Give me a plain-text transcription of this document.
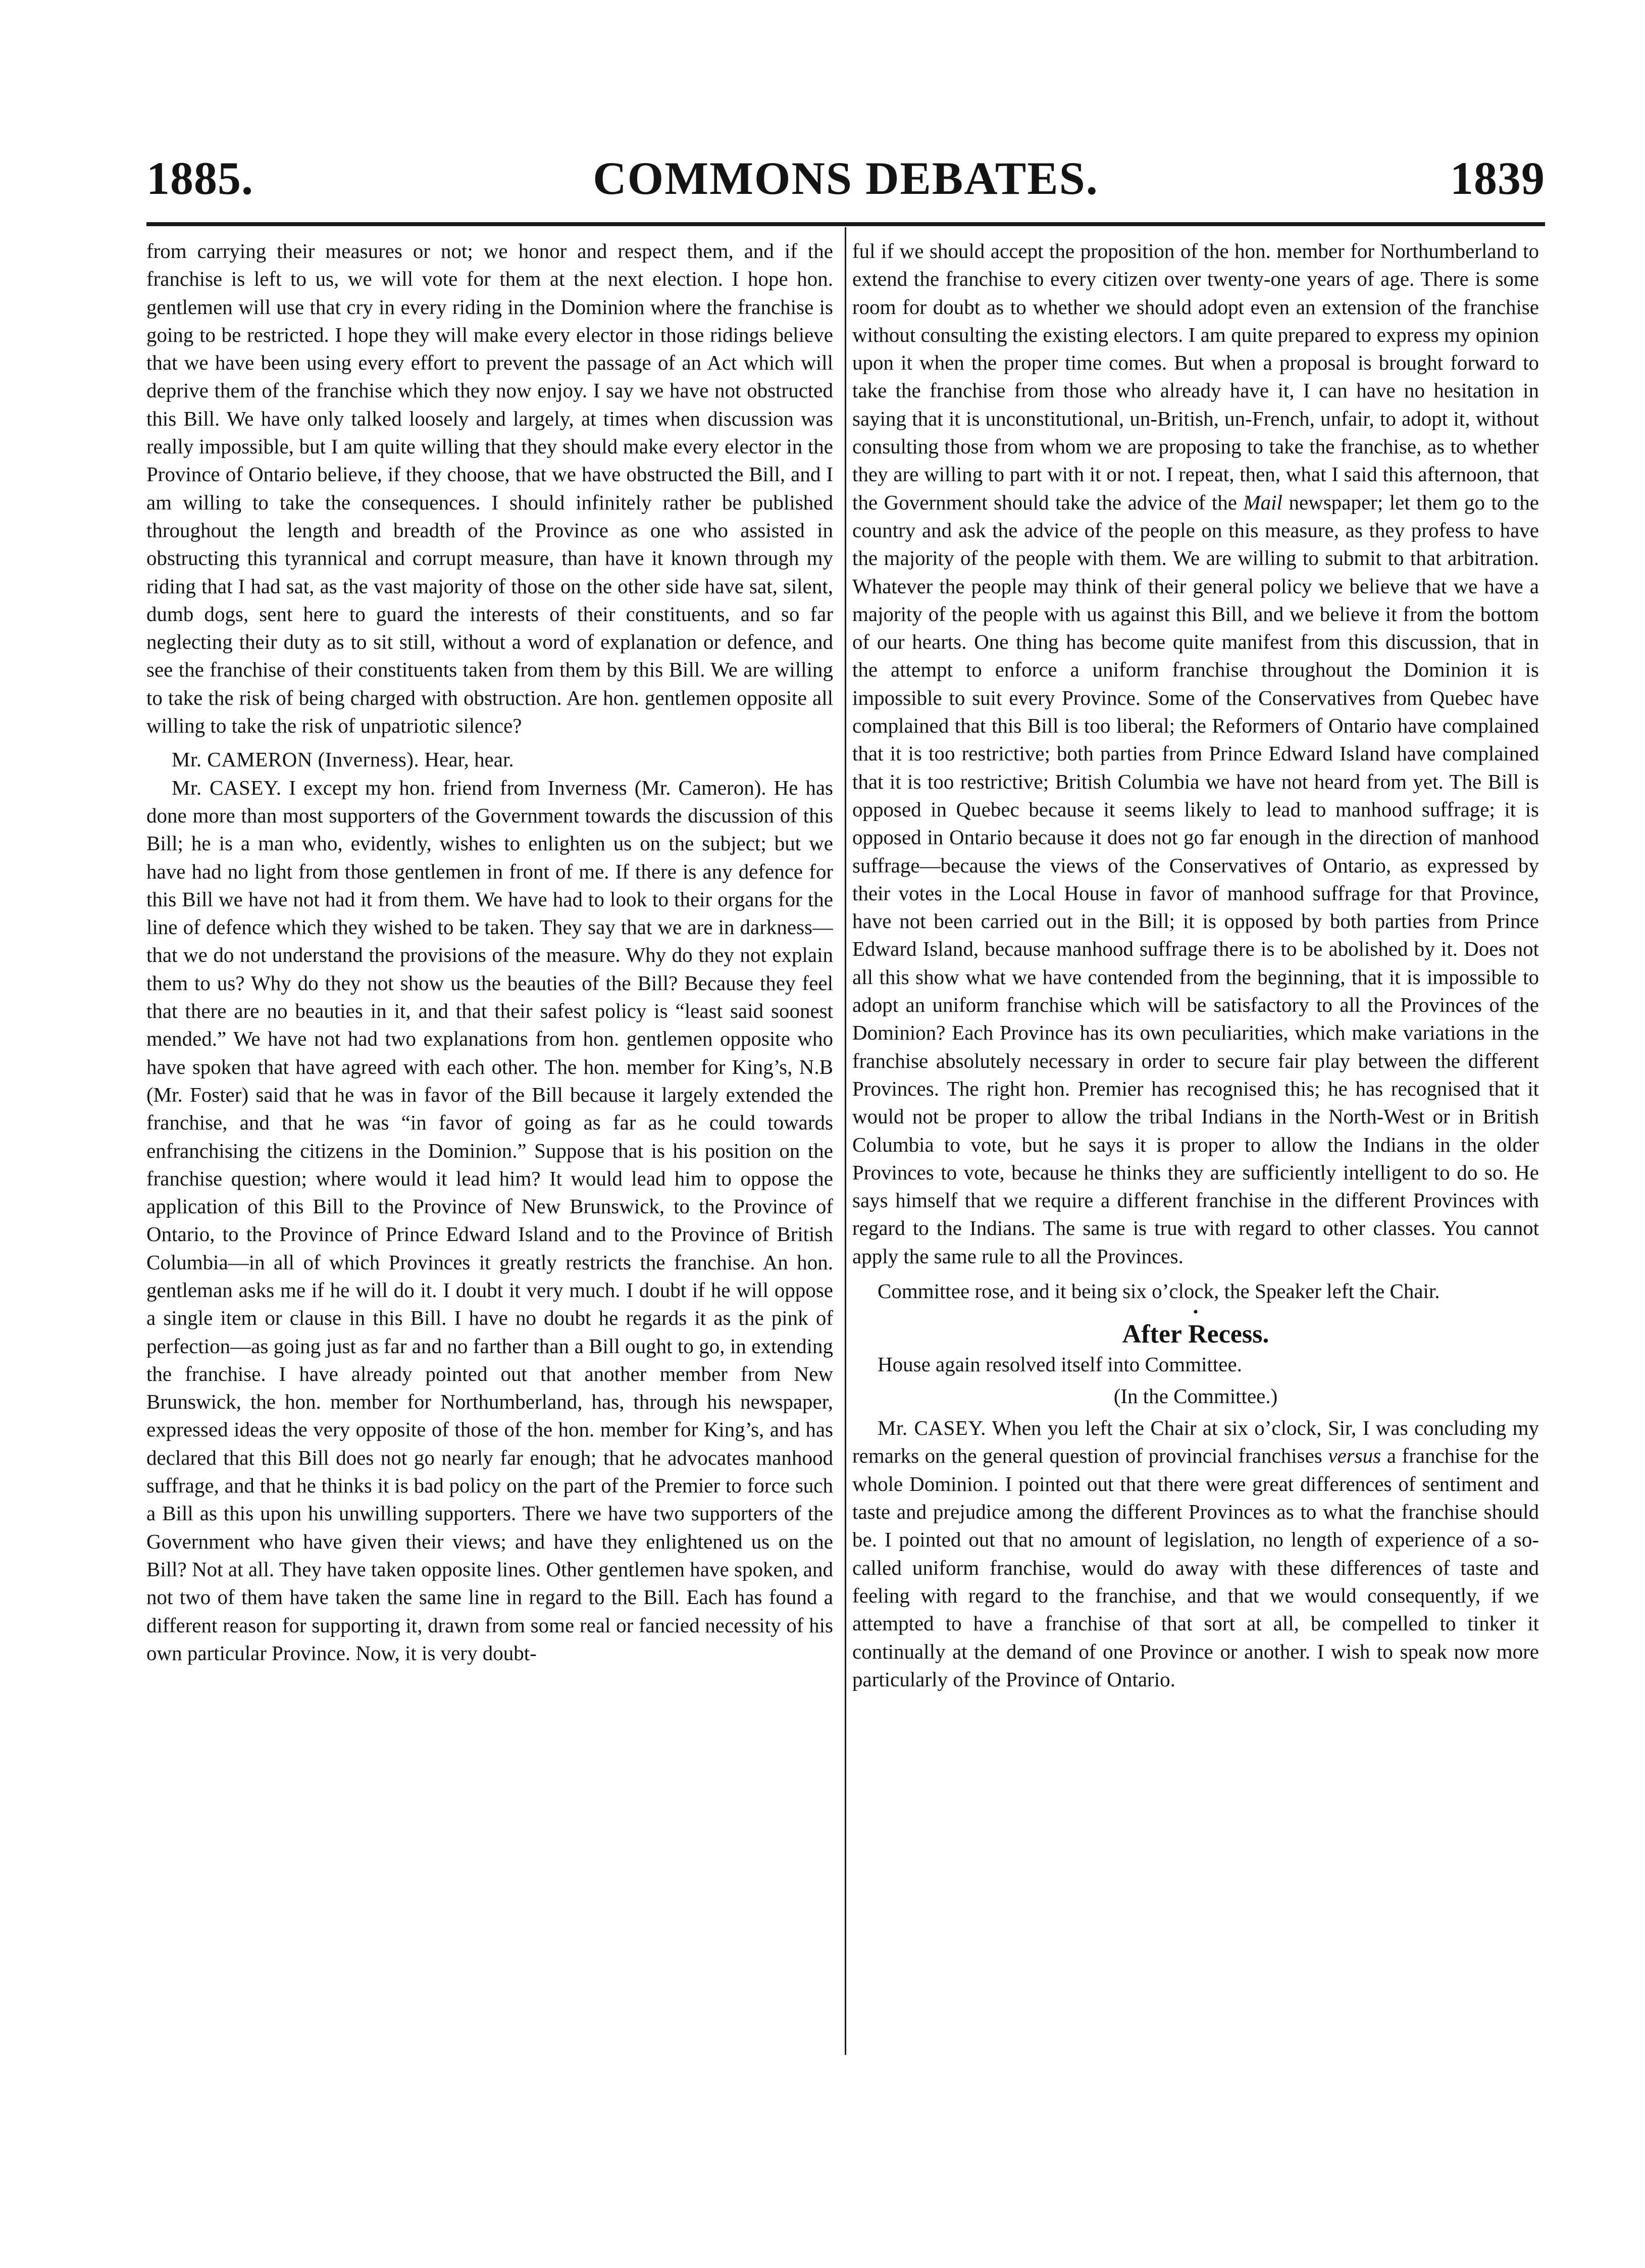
COMMONS DEBATES.
1885.	1839

from carrying their measures or not; we honor and respect them, and if the franchise is left to us, we will vote for them at the next election. I hope hon. gentlemen will use that cry in every riding in the Dominion where the franchise is going to be restricted. I hope they will make every elector in those ridings believe that we have been using every effort to prevent the passage of an Act which will deprive them of the franchise which they now enjoy. I say we have not obstructed this Bill. We have only talked loosely and largely, at times when discussion was really impossible, but I am quite willing that they should make every elector in the Province of Ontario believe, if they choose, that we have obstructed the Bill, and I am willing to take the consequences. I should infinitely rather be published throughout the length and breadth of the Province as one who assisted in obstructing this tyrannical and corrupt measure, than have it known through my riding that I had sat, as the vast majority of those on the other side have sat, silent, dumb dogs, sent here to guard the interests of their constituents, and so far neglecting their duty as to sit still, without a word of explanation or defence, and see the franchise of their constituents taken from them by this Bill. We are willing to take the risk of being charged with obstruction. Are hon. gentlemen opposite all willing to take the risk of unpatriotic silence?

Mr. CAMERON (Inverness). Hear, hear.

Mr. CASEY. I except my hon. friend from Inverness (Mr. Cameron). He has done more than most supporters of the Government towards the discussion of this Bill; he is a man who, evidently, wishes to enlighten us on the subject; but we have had no light from those gentlemen in front of me. If there is any defence for this Bill we have not had it from them. We have had to look to their organs for the line of defence which they wished to be taken. They say that we are in darkness—that we do not understand the provisions of the measure. Why do they not explain them to us? Why do they not show us the beauties of the Bill? Because they feel that there are no beauties in it, and that their safest policy is “least said soonest mended.” We have not had two explanations from hon. gentlemen opposite who have spoken that have agreed with each other. The hon. member for King’s, N.B (Mr. Foster) said that he was in favor of the Bill because it largely extended the franchise, and that he was “in favor of going as far as he could towards enfranchising the citizens in the Dominion.” Suppose that is his position on the franchise question; where would it lead him? It would lead him to oppose the application of this Bill to the Province of New Brunswick, to the Province of Ontario, to the Province of Prince Edward Island and to the Province of British Columbia—in all of which Provinces it greatly restricts the franchise. An hon. gentleman asks me if he will do it. I doubt it very much. I doubt if he will oppose a single item or clause in this Bill. I have no doubt he regards it as the pink of perfection—as going just as far and no farther than a Bill ought to go, in extending the franchise. I have already pointed out that another member from New Brunswick, the hon. member for Northumberland, has, through his newspaper, expressed ideas the very opposite of those of the hon. member for King’s, and has declared that this Bill does not go nearly far enough; that he advocates manhood suffrage, and that he thinks it is bad policy on the part of the Premier to force such a Bill as this upon his unwilling supporters. There we have two supporters of the Government who have given their views; and have they enlightened us on the Bill? Not at all. They have taken opposite lines. Other gentlemen have spoken, and not two of them have taken the same line in regard to the Bill. Each has found a different reason for supporting it, drawn from some real or fancied necessity of his own particular Province. Now, it is very doubt-

ful if we should accept the proposition of the hon. member for Northumberland to extend the franchise to every citizen over twenty-one years of age. There is some room for doubt as to whether we should adopt even an extension of the franchise without consulting the existing electors. I am quite prepared to express my opinion upon it when the proper time comes. But when a proposal is brought forward to take the franchise from those who already have it, I can have no hesitation in saying that it is unconstitutional, un-British, un-French, unfair, to adopt it, without consulting those from whom we are proposing to take the franchise, as to whether they are willing to part with it or not. I repeat, then, what I said this afternoon, that the Government should take the advice of the Mail newspaper; let them go to the country and ask the advice of the people on this measure, as they profess to have the majority of the people with them. We are willing to submit to that arbitration. Whatever the people may think of their general policy we believe that we have a majority of the people with us against this Bill, and we believe it from the bottom of our hearts. One thing has become quite manifest from this discussion, that in the attempt to enforce a uniform franchise throughout the Dominion it is impossible to suit every Province. Some of the Conservatives from Quebec have complained that this Bill is too liberal; the Reformers of Ontario have complained that it is too restrictive; both parties from Prince Edward Island have complained that it is too restrictive; British Columbia we have not heard from yet. The Bill is opposed in Quebec because it seems likely to lead to manhood suffrage; it is opposed in Ontario because it does not go far enough in the direction of manhood suffrage—because the views of the Conservatives of Ontario, as expressed by their votes in the Local House in favor of manhood suffrage for that Province, have not been carried out in the Bill; it is opposed by both parties from Prince Edward Island, because manhood suffrage there is to be abolished by it. Does not all this show what we have contended from the beginning, that it is impossible to adopt an uniform franchise which will be satisfactory to all the Provinces of the Dominion? Each Province has its own peculiarities, which make variations in the franchise absolutely necessary in order to secure fair play between the different Provinces. The right hon. Premier has recognised this; he has recognised that it would not be proper to allow the tribal Indians in the North-West or in British Columbia to vote, but he says it is proper to allow the Indians in the older Provinces to vote, because he thinks they are sufficiently intelligent to do so. He says himself that we require a different franchise in the different Provinces with regard to the Indians. The same is true with regard to other classes. You cannot apply the same rule to all the Provinces.

Committee rose, and it being six o’clock, the Speaker left the Chair.

•

After Recess.

House again resolved itself into Committee.

(In the Committee.)

Mr. CASEY. When you left the Chair at six o’clock, Sir, I was concluding my remarks on the general question of provincial franchises versus a franchise for the whole Dominion. I pointed out that there were great differences of sentiment and taste and prejudice among the different Provinces as to what the franchise should be. I pointed out that no amount of legislation, no length of experience of a so-called uniform franchise, would do away with these differences of taste and feeling with regard to the franchise, and that we would consequently, if we attempted to have a franchise of that sort at all, be compelled to tinker it continually at the demand of one Province or another. I wish to speak now more particularly of the Province of Ontario.
